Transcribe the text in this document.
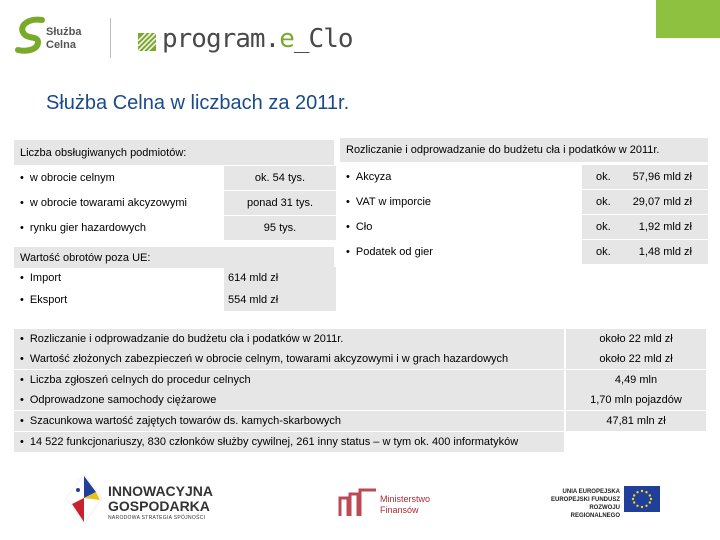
Służba
Celna	program.e_Clo
Służba Celna w liczbach za 2011r.
Liczba obsługiwanych podmiotów:
• w obrocie celnym	ok. 54 tys.
• w obrocie towarami akcyzowymi	ponad 31 tys.
• rynku gier hazardowych	95 tys.
Rozliczanie i odprowadzanie do budżetu cła i podatków w 2011r.
• Akcyza	ok.	57,96 mld zł
• VAT w imporcie	ok.	29,07 mld zł
• Cło	ok.	1,92 mld zł
• Podatek od gier	ok.	1,48 mld zł
Wartość obrotów poza UE:
• Import	614 mld zł
• Eksport	554 mld zł
• Rozliczanie i odprowadzanie do budżetu cła i podatków w 2011r.	około 22 mld zł
• Wartość złożonych zabezpieczeń w obrocie celnym, towarami akcyzowymi i w grach hazardowych	około 22 mld zł
• Liczba zgłoszeń celnych do procedur celnych	4,49 mln
• Odprowadzone samochody ciężarowe	1,70 mln pojazdów
• Szacunkowa wartość zajętych towarów ds. kamych-skarbowych	47,81 mln zł
• 14 522 funkcjonariuszy, 830 członków służby cywilnej, 261 inny status – w tym ok. 400 informatyków
INNOWACYJNA
GOSPODARKA
NARODOWA STRATEGIA SPÓJNOŚCI
Ministerstwo
Finansów
UNIA EUROPEJSKA
EUROPEJSKI FUNDUSZ
ROZWOJU REGIONALNEGO
